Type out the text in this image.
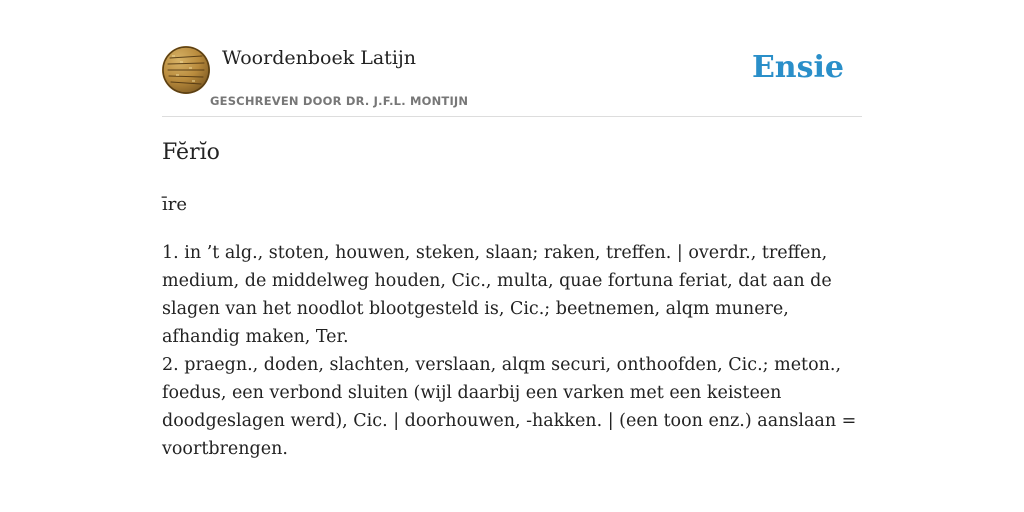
Woordenboek Latijn
GESCHREVEN DOOR DR. J.F.L. MONTIJN
Ensie
Fĕrĭo
īre

1. in ’t alg., stoten, houwen, steken, slaan; raken, treffen. | overdr., treffen, medium, de middelweg houden, Cic., multa, quae fortuna feriat, dat aan de slagen van het noodlot blootgesteld is, Cic.; beetnemen, alqm munere, afhandig maken, Ter.

2. praegn., doden, slachten, verslaan, alqm securi, onthoofden, Cic.; meton., foedus, een verbond sluiten (wijl daarbij een varken met een keisteen doodgeslagen werd), Cic. | doorhouwen, -hakken. | (een toon enz.) aanslaan = voortbrengen.
